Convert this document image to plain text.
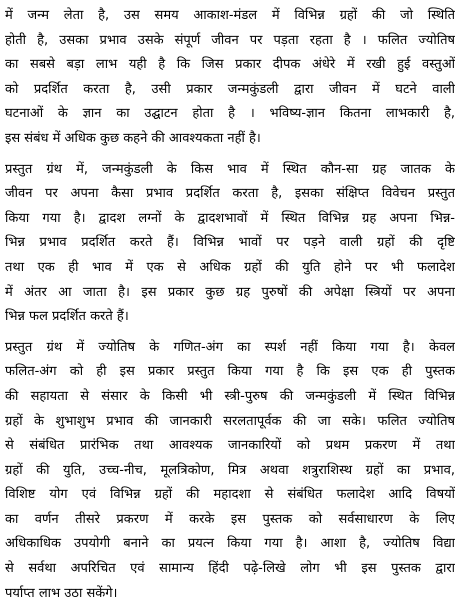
में जन्म लेता है, उस समय आकाश-मंडल में विभिन्न ग्रहों की जो स्थिति
होती है, उसका प्रभाव उसके संपूर्ण जीवन पर पड़ता रहता है । फलित ज्योतिष
का सबसे बड़ा लाभ यही है कि जिस प्रकार दीपक अंधेरे में रखी हुई वस्तुओं
को प्रदर्शित करता है, उसी प्रकार जन्मकुंडली द्वारा जीवन में घटने वाली
घटनाओं के ज्ञान का उद्घाटन होता है । भविष्य-ज्ञान कितना लाभकारी है,
इस संबंध में अधिक कुछ कहने की आवश्यकता नहीं है।
प्रस्तुत ग्रंथ में, जन्मकुंडली के किस भाव में स्थित कौन-सा ग्रह जातक के
जीवन पर अपना कैसा प्रभाव प्रदर्शित करता है, इसका संक्षिप्त विवेचन प्रस्तुत
किया गया है। द्वादश लग्नों के द्वादशभावों में स्थित विभिन्न ग्रह अपना भिन्न-
भिन्न प्रभाव प्रदर्शित करते हैं। विभिन्न भावों पर पड़ने वाली ग्रहों की दृष्टि
तथा एक ही भाव में एक से अधिक ग्रहों की युति होने पर भी फलादेश
में अंतर आ जाता है। इस प्रकार कुछ ग्रह पुरुषों की अपेक्षा स्त्रियों पर अपना
भिन्न फल प्रदर्शित करते हैं।
प्रस्तुत ग्रंथ में ज्योतिष के गणित-अंग का स्पर्श नहीं किया गया है। केवल
फलित-अंग को ही इस प्रकार प्रस्तुत किया गया है कि इस एक ही पुस्तक
की सहायता से संसार के किसी भी स्त्री-पुरुष की जन्मकुंडली में स्थित विभिन्न
ग्रहों के शुभाशुभ प्रभाव की जानकारी सरलतापूर्वक की जा सके। फलित ज्योतिष
से संबंधित प्रारंभिक तथा आवश्यक जानकारियों को प्रथम प्रकरण में तथा
ग्रहों की युति, उच्च-नीच, मूलत्रिकोण, मित्र अथवा शत्रुराशिस्थ ग्रहों का प्रभाव,
विशिष्ट योग एवं विभिन्न ग्रहों की महादशा से संबंधित फलादेश आदि विषयों
का वर्णन तीसरे प्रकरण में करके इस पुस्तक को सर्वसाधारण के लिए
अधिकाधिक उपयोगी बनाने का प्रयत्न किया गया है। आशा है, ज्योतिष विद्या
से सर्वथा अपरिचित एवं सामान्य हिंदी पढ़े-लिखे लोग भी इस पुस्तक द्वारा
पर्याप्त लाभ उठा सकेंगे।
